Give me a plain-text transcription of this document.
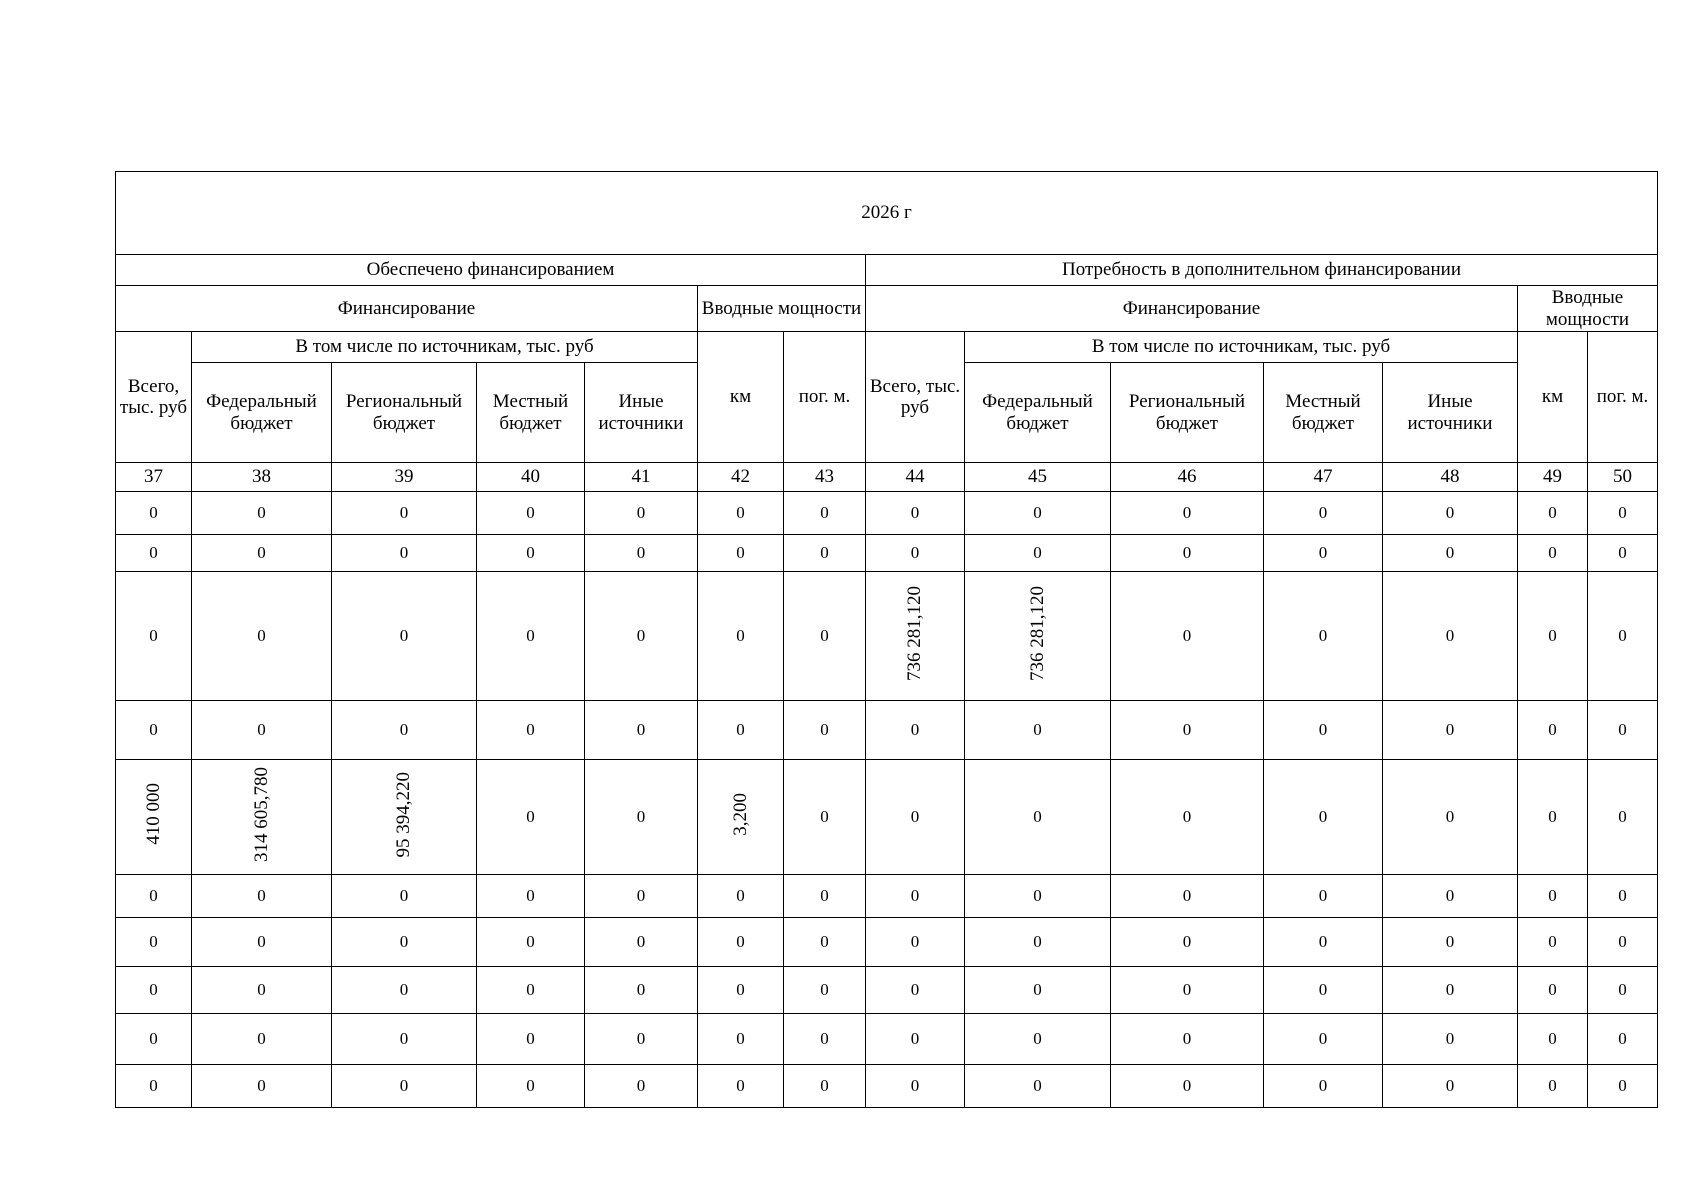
2026 г													
Обеспечено финансированием							Потребность в дополнительном финансировании						
Финансирование					Вводные мощности		Финансирование					Вводные мощности	
Всего, тыс. руб	В том числе по источникам, тыс. руб				км	пог. м.	Всего, тыс. руб	В том числе по источникам, тыс. руб				км	пог. м.
	Федеральный бюджет	Региональный бюджет	Местный бюджет	Иные источники				Федеральный бюджет	Региональный бюджет	Местный бюджет	Иные источники		
37	38	39	40	41	42	43	44	45	46	47	48	49	50
0	0	0	0	0	0	0	0	0	0	0	0	0	0
0	0	0	0	0	0	0	0	0	0	0	0	0	0
0	0	0	0	0	0	0	736 281,120	736 281,120	0	0	0	0	0
0	0	0	0	0	0	0	0	0	0	0	0	0	0
410 000	314 605,780	95 394,220	0	0	3,200	0	0	0	0	0	0	0	0
0	0	0	0	0	0	0	0	0	0	0	0	0	0
0	0	0	0	0	0	0	0	0	0	0	0	0	0
0	0	0	0	0	0	0	0	0	0	0	0	0	0
0	0	0	0	0	0	0	0	0	0	0	0	0	0
0	0	0	0	0	0	0	0	0	0	0	0	0	0
